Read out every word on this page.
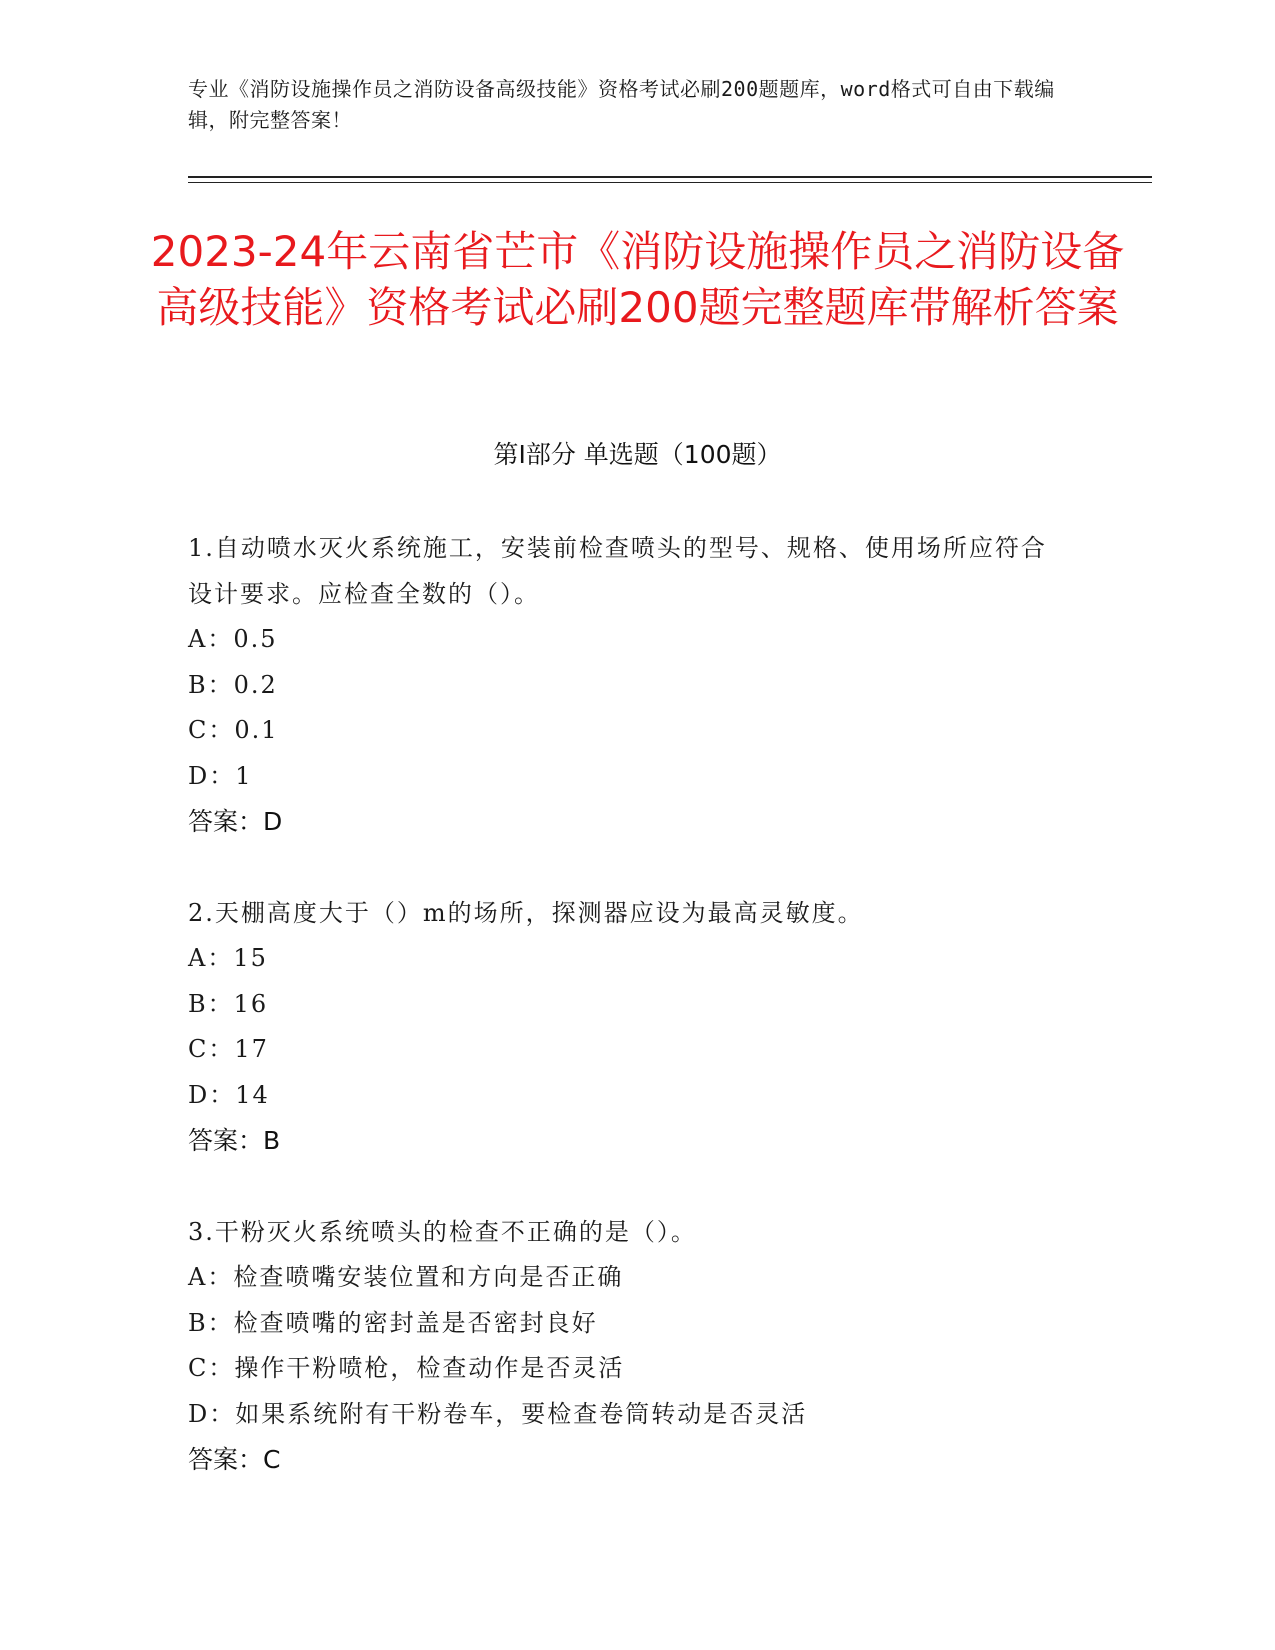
专业《消防设施操作员之消防设备高级技能》资格考试必刷200题题库，word格式可自由下载编辑，附完整答案！
2023-24年云南省芒市《消防设施操作员之消防设备高级技能》资格考试必刷200题完整题库带解析答案
第I部分 单选题（100题）
1.自动喷水灭火系统施工，安装前检查喷头的型号、规格、使用场所应符合设计要求。应检查全数的（）。
A：0.5
B：0.2
C：0.1
D：1
答案：D
2.天棚高度大于（）m的场所，探测器应设为最高灵敏度。
A：15
B：16
C：17
D：14
答案：B
3.干粉灭火系统喷头的检查不正确的是（）。
A：检查喷嘴安装位置和方向是否正确
B：检查喷嘴的密封盖是否密封良好
C：操作干粉喷枪，检查动作是否灵活
D：如果系统附有干粉卷车，要检查卷筒转动是否灵活
答案：C
